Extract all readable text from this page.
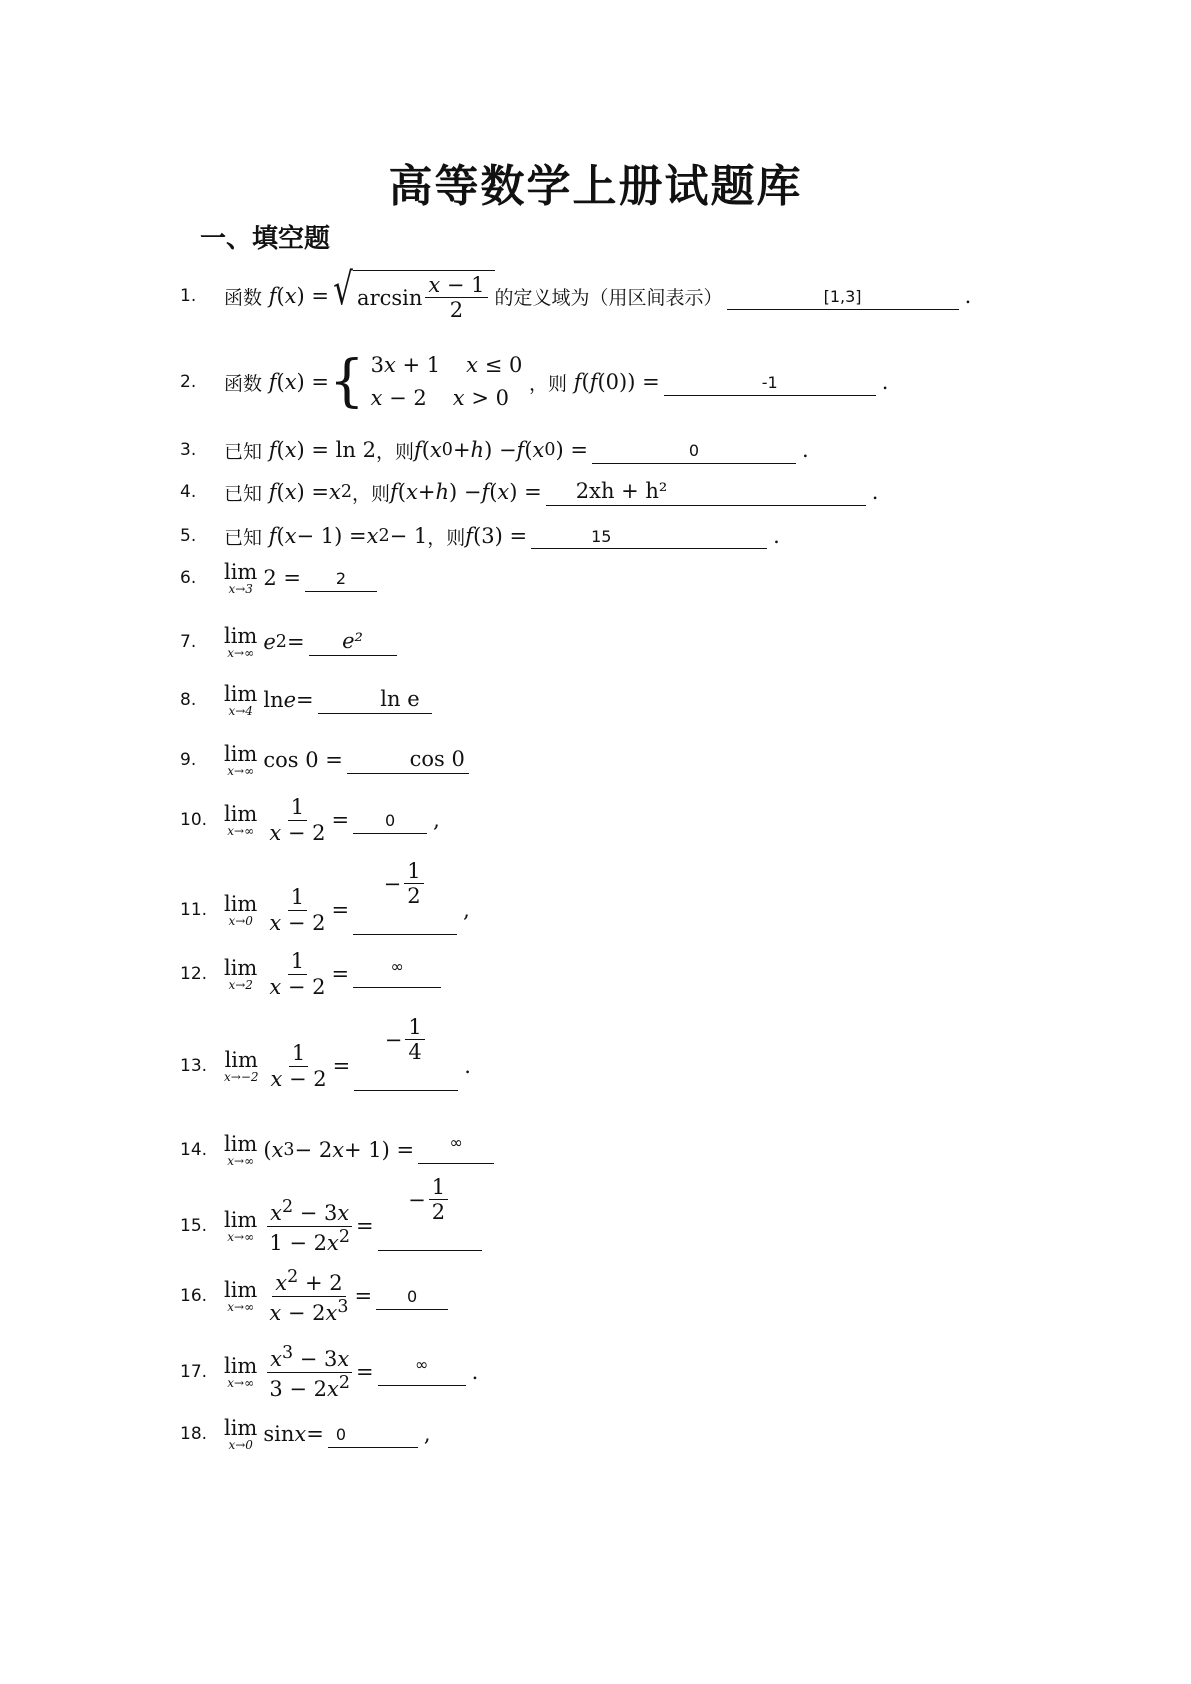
高等数学上册试题库
一、填空题
1.	函数
f ( x ) = √ $\arcsin \frac{x - 1}{2}$ 的定义域为（用区间表示）	[1,3]	.
2.	函数
f ( x ) = { 3x + 1 x ≤ 0
x − 2 x > 0

，则
f ( f (0)) =	-1	.
3.	已知
f ( x ) = ln 2 ，则 f ( x 0 + h ) − f ( x 0 ) =	0	.
4.	已知
f ( x ) = x 2 ，则 f ( x + h ) − f ( x ) =	2xh + h²	.
5.	已知
f ( x − 1) = x 2 − 1 ，则 f (3) =	15	.
6.	lim
x→3 2 =	2
7.	lim
x→∞ e 2 =	e²
8.	lim
x→4 ln e =	ln e
9.	lim
x→∞ cos 0 =	cos 0
10. lim
$x\to\infty \frac{1}{x - 2}$ =	0	,
11. lim
$x\to 0 \frac{1}{x - 2}$ =
− $\frac{1}{2}$
,
12. lim
$x\to 2 \frac{1}{x - 2}$ =	∞
13. lim
$x\to-2 \frac{1}{x - 2}$ =
− $\frac{1}{4}$
.
14. lim
x→∞ ( x 3 − 2 x + 1) =	∞
15. lim
$x\to\infty \frac{x^2 - 3x}{1 - 2x^2}$ =
− $\frac{1}{2}$
16. lim
$x\to\infty \frac{x^2 + 2}{x - 2x^3}$ =	0
17. lim
$x\to\infty \frac{x^3 - 3x}{3 - 2x^2}$ =	∞	.
18. lim
x→0 sin x = 0	,
